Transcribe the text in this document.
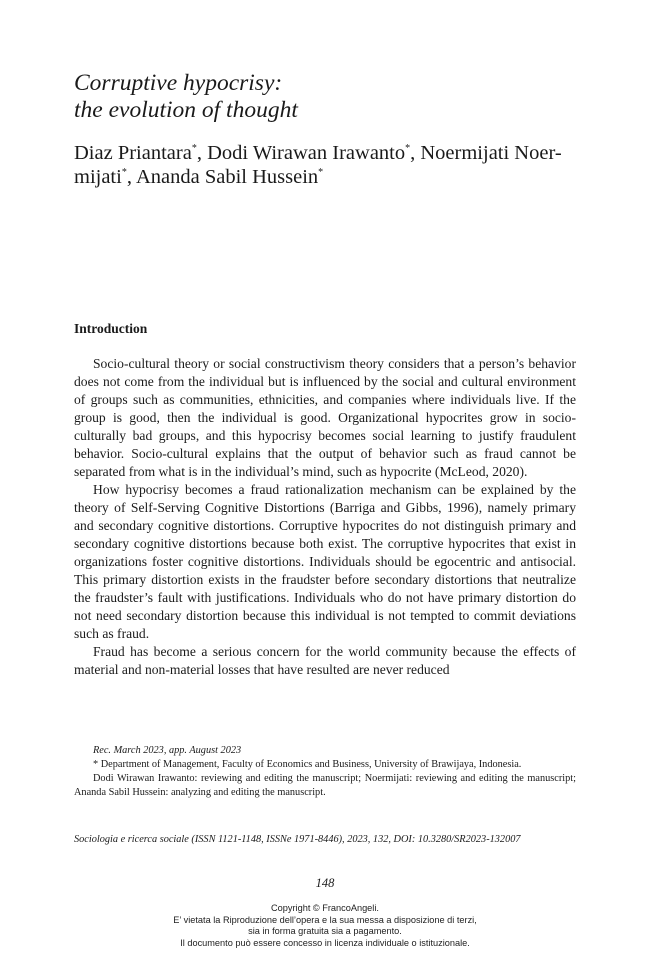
Corruptive hypocrisy:
the evolution of thought

Diaz Priantara*, Dodi Wirawan Irawanto*, Noermijati Noer-
mijati*, Ananda Sabil Hussein*

Introduction

Socio-cultural theory or social constructivism theory considers that a person’s behavior does not come from the individual but is influenced by the social and cultural environment of groups such as communities, ethnicities, and companies where individuals live. If the group is good, then the individual is good. Organizational hypocrites grow in socio-culturally bad groups, and this hypocrisy becomes social learning to justify fraudulent behavior. Socio-cultural explains that the output of behavior such as fraud cannot be separated from what is in the individual’s mind, such as hypocrite (McLeod, 2020).

How hypocrisy becomes a fraud rationalization mechanism can be explained by the theory of Self-Serving Cognitive Distortions (Barriga and Gibbs, 1996), namely primary and secondary cognitive distortions. Corruptive hypocrites do not distinguish primary and secondary cognitive distortions because both exist. The corruptive hypocrites that exist in organizations foster cognitive distortions. Individuals should be egocentric and antisocial. This primary distortion exists in the fraudster before secondary distortions that neutralize the fraudster’s fault with justifications. Individuals who do not have primary distortion do not need secondary distortion because this individual is not tempted to commit deviations such as fraud.

Fraud has become a serious concern for the world community because the effects of material and non-material losses that have resulted are never reduced

Rec. March 2023, app. August 2023

* Department of Management, Faculty of Economics and Business, University of Brawijaya, Indonesia.

Dodi Wirawan Irawanto: reviewing and editing the manuscript; Noermijati: reviewing and editing the manuscript; Ananda Sabil Hussein: analyzing and editing the manuscript.

Sociologia e ricerca sociale (ISSN 1121-1148, ISSNe 1971-8446), 2023, 132, DOI: 10.3280/SR2023-132007

148

Copyright © FrancoAngeli.
E’ vietata la Riproduzione dell’opera e la sua messa a disposizione di terzi,
sia in forma gratuita sia a pagamento.
Il documento può essere concesso in licenza individuale o istituzionale.
